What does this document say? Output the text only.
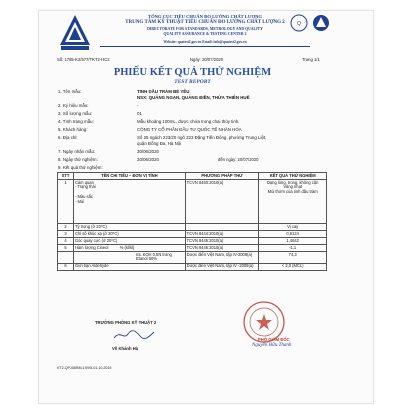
TỔNG CỤC TIÊU CHUẨN ĐO LƯỜNG CHẤT LƯỢNG
TRUNG TÂM KỸ THUẬT TIÊU CHUẨN ĐO LƯỜNG CHẤT LƯỢNG 2
DIRECTORATE FOR STANDARDS, METROLOGY AND QUALITY
QUALITY ASSURANCE & TESTING CENTER 2
Website: quatest2.gov.vn Email: info@quatest2.gov.vn
Q
Số: 1785-K2/577/TKT2-HC2	Ngày: 20/07/2020	Trang 1/1
PHIẾU KẾT QUẢ THỬ NGHIỆM
TEST REPORT
1. Tên mẫu:	TINH DẦU TRÀM BÉ YÊU
NSX: QUẢNG NGẠN, QUẢNG ĐIỀN, THỪA THIÊN HUẾ
2. Ký hiệu mẫu:	-
3. Số lượng mẫu:	01
4. Tình trạng mẫu:	Mẫu khoảng 100mL, được chứa trong chai thủy tinh.
5. Khách hàng:	CÔNG TY CỔ PHẦN ĐẦU TƯ QUỐC TẾ NHÂN HÒA
6. Địa chỉ:	Số 25 ngách 223/20 ngõ 223 Đặng Tiến Đông, phường Trung Liệt,
quận Đống Đa, Hà Nội
7. Ngày nhận mẫu:	30/06/2020
8. Ngày thử nghiệm:	30/06/2020	đến ngày: 20/07/2020
9. Kết quả thử nghiệm:
STT	TÊN CHỈ TIÊU – ĐƠN VỊ TÍNH	PHƯƠNG PHÁP THỬ	KẾT QUẢ THỬ NGHIỆM
1	Cảm quan
- Trạng thái

- Màu sắc
- Mùi	TCVN 8460:2010(a)	Dạng lỏng, trong, không cặn
Vàng nhạt
Mùi thơm của tinh dầu tràm
2	Tỷ trọng (ở 20⁰C)		Vị cay
3	Chỉ số khúc xạ (ở 20⁰C)	TCVN 8444:2010(a)	0,9124
4	Góc quay cực (ở 20⁰C)	TCVN 8445:2010(a)	1,4642
5	Hàm lượng Cineol          % (kl/kl)	TCVN 8446:2010(a)	-1,1
	mL KOH 0,5N trong Etanol 60%	Dược điển Việt Nam, tập IV-2009(a)	74,3
6	Giới hạn Aldehyde	Dược điển Việt Nam, tập IV -2009(a)	< 2,0 (MCL)
TRƯỞNG PHÒNG KỸ THUẬT 2
Võ Khánh Hà
PHÓ GIÁM ĐỐC
Nguyễn Hữu Thanh
KT2-QP-08/BM-19/V5-01.10.2019
